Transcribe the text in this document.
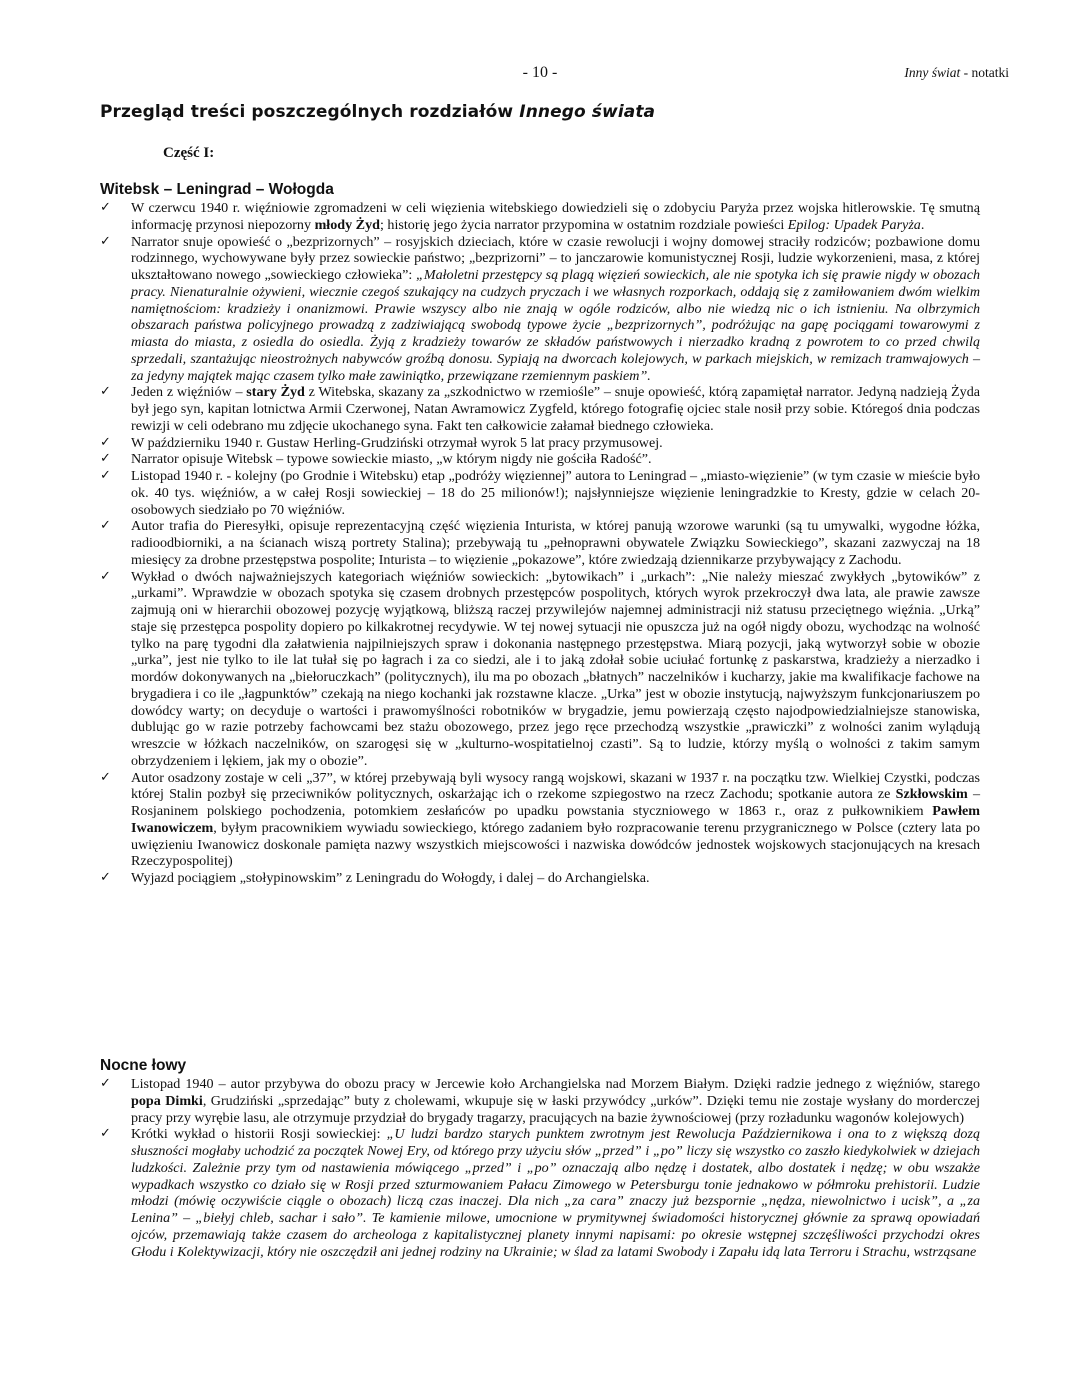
- 10 -	Inny świat - notatki
Przegląd treści poszczególnych rozdziałów Innego świata
Część I:
Witebsk – Leningrad – Wołogda
✓ W czerwcu 1940 r. więźniowie zgromadzeni w celi więzienia witebskiego dowiedzieli się o zdobyciu Paryża przez wojska hitlerowskie. Tę smutną informację przynosi niepozorny młody Żyd; historię jego życia narrator przypomina w ostatnim rozdziale powieści Epilog: Upadek Paryża.
✓ Narrator snuje opowieść o „bezprizornych” – rosyjskich dzieciach, które w czasie rewolucji i wojny domowej straciły rodziców; pozbawione domu rodzinnego, wychowywane były przez sowieckie państwo; „bezprizorni” – to janczarowie komunistycznej Rosji, ludzie wykorzenieni, masa, z której ukształtowano nowego „sowieckiego człowieka”: „Małoletni przestępcy są plagą więzień sowieckich, ale nie spotyka ich się prawie nigdy w obozach pracy. Nienaturalnie ożywieni, wiecznie czegoś szukający na cudzych pryczach i we własnych rozporkach, oddają się z zamiłowaniem dwóm wielkim namiętnościom: kradzieży i onanizmowi. Prawie wszyscy albo nie znają w ogóle rodziców, albo nie wiedzą nic o ich istnieniu. Na olbrzymich obszarach państwa policyjnego prowadzą z zadziwiającą swobodą typowe życie „bezprizornych”, podróżując na gapę pociągami towarowymi z miasta do miasta, z osiedla do osiedla. Żyją z kradzieży towarów ze składów państwowych i nierzadko kradną z powrotem to co przed chwilą sprzedali, szantażując nieostrożnych nabywców groźbą donosu. Sypiają na dworcach kolejowych, w parkach miejskich, w remizach tramwajowych – za jedyny majątek mając czasem tylko małe zawiniątko, przewiązane rzemiennym paskiem”.
✓ Jeden z więźniów – stary Żyd z Witebska, skazany za „szkodnictwo w rzemiośle” – snuje opowieść, którą zapamiętał narrator. Jedyną nadzieją Żyda był jego syn, kapitan lotnictwa Armii Czerwonej, Natan Awramowicz Zygfeld, którego fotografię ojciec stale nosił przy sobie. Któregoś dnia podczas rewizji w celi odebrano mu zdjęcie ukochanego syna. Fakt ten całkowicie załamał biednego człowieka.
✓ W październiku 1940 r. Gustaw Herling-Grudziński otrzymał wyrok 5 lat pracy przymusowej.
✓ Narrator opisuje Witebsk – typowe sowieckie miasto, „w którym nigdy nie gościła Radość”.
✓ Listopad 1940 r. - kolejny (po Grodnie i Witebsku) etap „podróży więziennej” autora to Leningrad – „miasto-więzienie” (w tym czasie w mieście było ok. 40 tys. więźniów, a w całej Rosji sowieckiej – 18 do 25 milionów!); najsłynniejsze więzienie leningradzkie to Kresty, gdzie w celach 20-osobowych siedziało po 70 więźniów.
✓ Autor trafia do Pieresyłki, opisuje reprezentacyjną część więzienia Inturista, w której panują wzorowe warunki (są tu umywalki, wygodne łóżka, radioodbiorniki, a na ścianach wiszą portrety Stalina); przebywają tu „pełnoprawni obywatele Związku Sowieckiego”, skazani zazwyczaj na 18 miesięcy za drobne przestępstwa pospolite; Inturista – to więzienie „pokazowe”, które zwiedzają dziennikarze przybywający z Zachodu.
✓ Wykład o dwóch najważniejszych kategoriach więźniów sowieckich: „bytowikach” i „urkach”: „Nie należy mieszać zwykłych „bytowików” z „urkami”. Wprawdzie w obozach spotyka się czasem drobnych przestępców pospolitych, których wyrok przekroczył dwa lata, ale prawie zawsze zajmują oni w hierarchii obozowej pozycję wyjątkową, bliższą raczej przywilejów najemnej administracji niż statusu przeciętnego więźnia. „Urką” staje się przestępca pospolity dopiero po kilkakrotnej recydywie. W tej nowej sytuacji nie opuszcza już na ogół nigdy obozu, wychodząc na wolność tylko na parę tygodni dla załatwienia najpilniejszych spraw i dokonania następnego przestępstwa. Miarą pozycji, jaką wytworzył sobie w obozie „urka”, jest nie tylko to ile lat tułał się po łagrach i za co siedzi, ale i to jaką zdołał sobie uciułać fortunkę z paskarstwa, kradzieży a nierzadko i mordów dokonywanych na „biełoruczkach” (politycznych), ilu ma po obozach „błatnych” naczelników i kucharzy, jakie ma kwalifikacje fachowe na brygadiera i co ile „łagpunktów” czekają na niego kochanki jak rozstawne klacze. „Urka” jest w obozie instytucją, najwyższym funkcjonariuszem po dowódcy warty; on decyduje o wartości i prawomyślności robotników w brygadzie, jemu powierzają często najodpowiedzialniejsze stanowiska, dublując go w razie potrzeby fachowcami bez stażu obozowego, przez jego ręce przechodzą wszystkie „prawiczki” z wolności zanim wylądują wreszcie w łóżkach naczelników, on szarogęsi się w „kulturno-wospitatielnoj czasti”. Są to ludzie, którzy myślą o wolności z takim samym obrzydzeniem i lękiem, jak my o obozie”.
✓ Autor osadzony zostaje w celi „37”, w której przebywają byli wysocy rangą wojskowi, skazani w 1937 r. na początku tzw. Wielkiej Czystki, podczas której Stalin pozbył się przeciwników politycznych, oskarżając ich o rzekome szpiegostwo na rzecz Zachodu; spotkanie autora ze Szkłowskim – Rosjaninem polskiego pochodzenia, potomkiem zesłańców po upadku powstania styczniowego w 1863 r., oraz z pułkownikiem Pawłem Iwanowiczem, byłym pracownikiem wywiadu sowieckiego, którego zadaniem było rozpracowanie terenu przygranicznego w Polsce (cztery lata po uwięzieniu Iwanowicz doskonale pamięta nazwy wszystkich miejscowości i nazwiska dowódców jednostek wojskowych stacjonujących na kresach Rzeczypospolitej)
✓ Wyjazd pociągiem „stołypinowskim” z Leningradu do Wołogdy, i dalej – do Archangielska.
Nocne łowy
✓ Listopad 1940 – autor przybywa do obozu pracy w Jercewie koło Archangielska nad Morzem Białym. Dzięki radzie jednego z więźniów, starego popa Dimki, Grudziński „sprzedając” buty z cholewami, wkupuje się w łaski przywódcy „urków”. Dzięki temu nie zostaje wysłany do morderczej pracy przy wyrębie lasu, ale otrzymuje przydział do brygady tragarzy, pracujących na bazie żywnościowej (przy rozładunku wagonów kolejowych)
✓ Krótki wykład o historii Rosji sowieckiej: „U ludzi bardzo starych punktem zwrotnym jest Rewolucja Październikowa i ona to z większą dozą słuszności mogłaby uchodzić za początek Nowej Ery, od którego przy użyciu słów „przed” i „po” liczy się wszystko co zaszło kiedykolwiek w dziejach ludzkości. Zależnie przy tym od nastawienia mówiącego „przed” i „po” oznaczają albo nędzę i dostatek, albo dostatek i nędzę; w obu wszakże wypadkach wszystko co działo się w Rosji przed szturmowaniem Pałacu Zimowego w Petersburgu tonie jednakowo w półmroku prehistorii. Ludzie młodzi (mówię oczywiście ciągle o obozach) liczą czas inaczej. Dla nich „za cara” znaczy już bezspornie „nędza, niewolnictwo i ucisk”, a „za Lenina” – „biełyj chleb, sachar i sało”. Te kamienie milowe, umocnione w prymitywnej świadomości historycznej głównie za sprawą opowiadań ojców, przemawiają także czasem do archeologa z kapitalistycznej planety innymi napisami: po okresie wstępnej szczęśliwości przychodzi okres Głodu i Kolektywizacji, który nie oszczędził ani jednej rodziny na Ukrainie; w ślad za latami Swobody i Zapału idą lata Terroru i Strachu, wstrząsane
